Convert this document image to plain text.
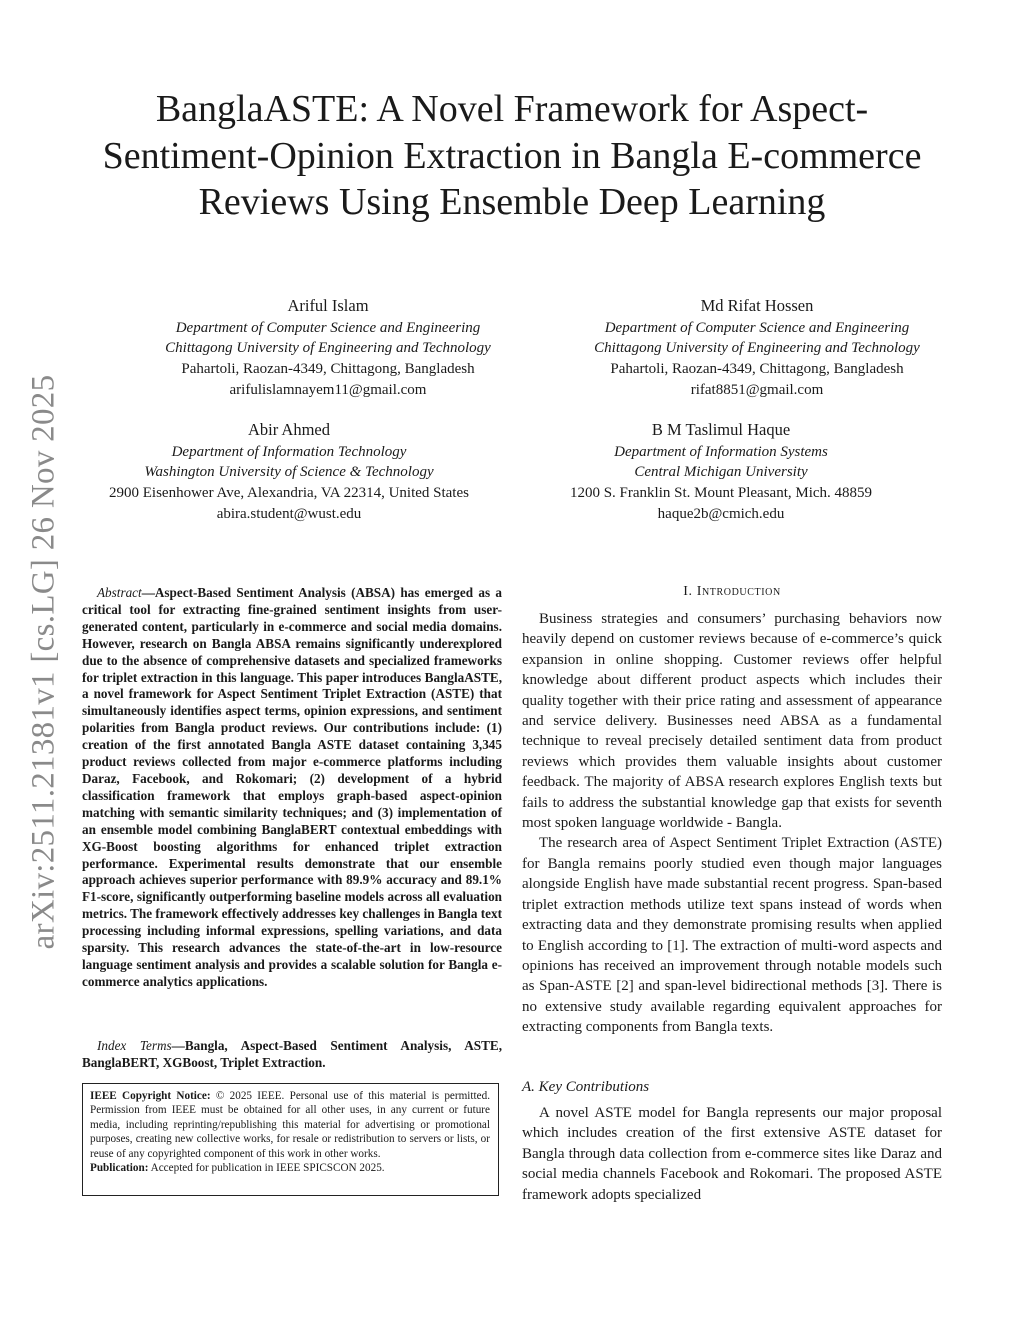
arXiv:2511.21381v1 [cs.LG] 26 Nov 2025
BanglaASTE: A Novel Framework for Aspect-Sentiment-Opinion Extraction in Bangla E-commerce Reviews Using Ensemble Deep Learning
Ariful Islam
Department of Computer Science and Engineering
Chittagong University of Engineering and Technology
Pahartoli, Raozan-4349, Chittagong, Bangladesh
arifulislamnayem11@gmail.com
Md Rifat Hossen
Department of Computer Science and Engineering
Chittagong University of Engineering and Technology
Pahartoli, Raozan-4349, Chittagong, Bangladesh
rifat8851@gmail.com
Abir Ahmed
Department of Information Technology
Washington University of Science & Technology
2900 Eisenhower Ave, Alexandria, VA 22314, United States
abira.student@wust.edu
B M Taslimul Haque
Department of Information Systems
Central Michigan University
1200 S. Franklin St. Mount Pleasant, Mich. 48859
haque2b@cmich.edu

Abstract—Aspect-Based Sentiment Analysis (ABSA) has emerged as a critical tool for extracting fine-grained sentiment insights from user-generated content, particularly in e-commerce and social media domains. However, research on Bangla ABSA remains significantly underexplored due to the absence of comprehensive datasets and specialized frameworks for triplet extraction in this language. This paper introduces BanglaASTE, a novel framework for Aspect Sentiment Triplet Extraction (ASTE) that simultaneously identifies aspect terms, opinion expressions, and sentiment polarities from Bangla product reviews. Our contributions include: (1) creation of the first annotated Bangla ASTE dataset containing 3,345 product reviews collected from major e-commerce platforms including Daraz, Facebook, and Rokomari; (2) development of a hybrid classification framework that employs graph-based aspect-opinion matching with semantic similarity techniques; and (3) implementation of an ensemble model combining BanglaBERT contextual embeddings with XG-Boost boosting algorithms for enhanced triplet extraction performance. Experimental results demonstrate that our ensemble approach achieves superior performance with 89.9% accuracy and 89.1% F1-score, significantly outperforming baseline models across all evaluation metrics. The framework effectively addresses key challenges in Bangla text processing including informal expressions, spelling variations, and data sparsity. This research advances the state-of-the-art in low-resource language sentiment analysis and provides a scalable solution for Bangla e-commerce analytics applications.

Index Terms—Bangla, Aspect-Based Sentiment Analysis, ASTE, BanglaBERT, XGBoost, Triplet Extraction.

IEEE Copyright Notice: © 2025 IEEE. Personal use of this material is permitted. Permission from IEEE must be obtained for all other uses, in any current or future media, including reprinting/republishing this material for advertising or promotional purposes, creating new collective works, for resale or redistribution to servers or lists, or reuse of any copyrighted component of this work in other works.
Publication: Accepted for publication in IEEE SPICSCON 2025.
I. Introduction

Business strategies and consumers’ purchasing behaviors now heavily depend on customer reviews because of e-commerce’s quick expansion in online shopping. Customer reviews offer helpful knowledge about different product aspects which includes their quality together with their price rating and assessment of appearance and service delivery. Businesses need ABSA as a fundamental technique to reveal precisely detailed sentiment data from product reviews which provides them valuable insights about customer feedback. The majority of ABSA research explores English texts but fails to address the substantial knowledge gap that exists for seventh most spoken language worldwide - Bangla.

The research area of Aspect Sentiment Triplet Extraction (ASTE) for Bangla remains poorly studied even though major languages alongside English have made substantial recent progress. Span-based triplet extraction methods utilize text spans instead of words when extracting data and they demonstrate promising results when applied to English according to [1]. The extraction of multi-word aspects and opinions has received an improvement through notable models such as Span-ASTE [2] and span-level bidirectional methods [3]. There is no extensive study available regarding equivalent approaches for extracting components from Bangla texts.

A. Key Contributions

A novel ASTE model for Bangla represents our major proposal which includes creation of the first extensive ASTE dataset for Bangla through data collection from e-commerce sites like Daraz and social media channels Facebook and Rokomari. The proposed ASTE framework adopts specialized
